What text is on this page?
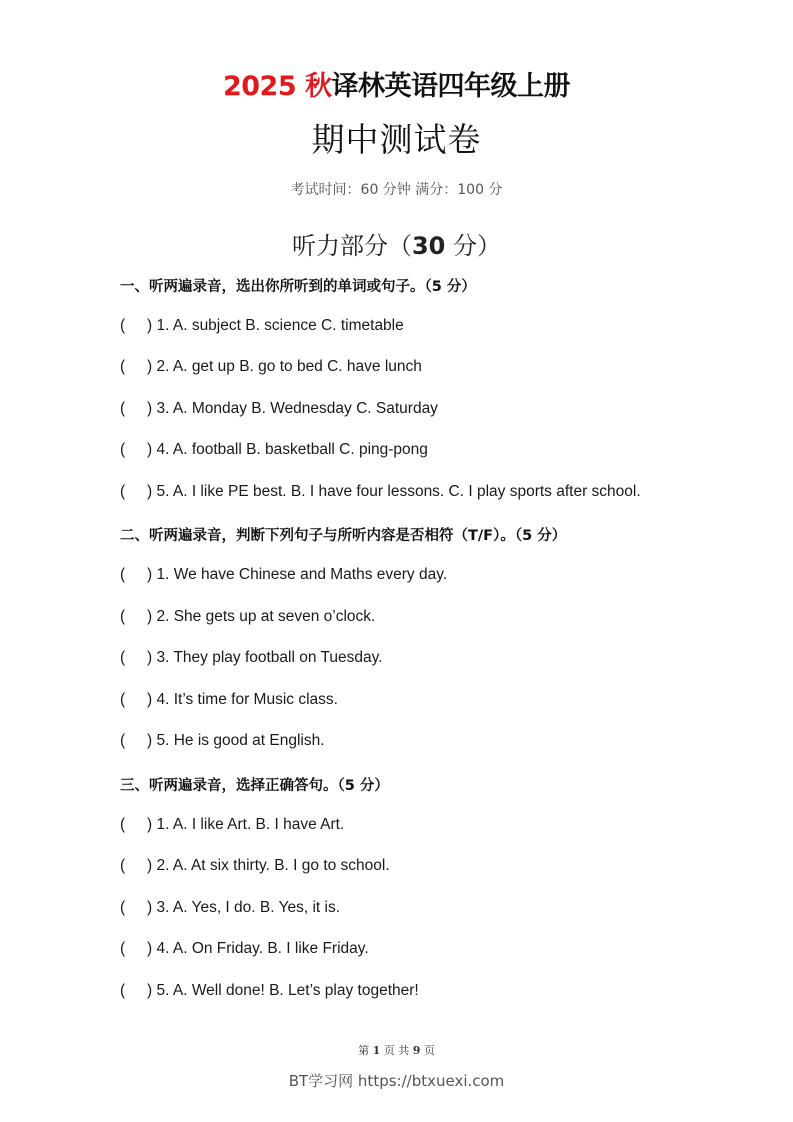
2025 秋译林英语四年级上册
期中测试卷
考试时间：60 分钟 满分：100 分
听力部分（30 分）
一、听两遍录音，选出你所听到的单词或句子。（5 分）
( ) 1. A. subject B. science C. timetable
( ) 2. A. get up B. go to bed C. have lunch
( ) 3. A. Monday B. Wednesday C. Saturday
( ) 4. A. football B. basketball C. ping-pong
( ) 5. A. I like PE best. B. I have four lessons. C. I play sports after school.
二、听两遍录音，判断下列句子与所听内容是否相符（T/F）。（5 分）
( ) 1. We have Chinese and Maths every day.
( ) 2. She gets up at seven o’clock.
( ) 3. They play football on Tuesday.
( ) 4. It’s time for Music class.
( ) 5. He is good at English.
三、听两遍录音，选择正确答句。（5 分）
( ) 1. A. I like Art. B. I have Art.
( ) 2. A. At six thirty. B. I go to school.
( ) 3. A. Yes, I do. B. Yes, it is.
( ) 4. A. On Friday. B. I like Friday.
( ) 5. A. Well done! B. Let’s play together!
第 1 页 共 9 页
BT学习网 https://btxuexi.com
